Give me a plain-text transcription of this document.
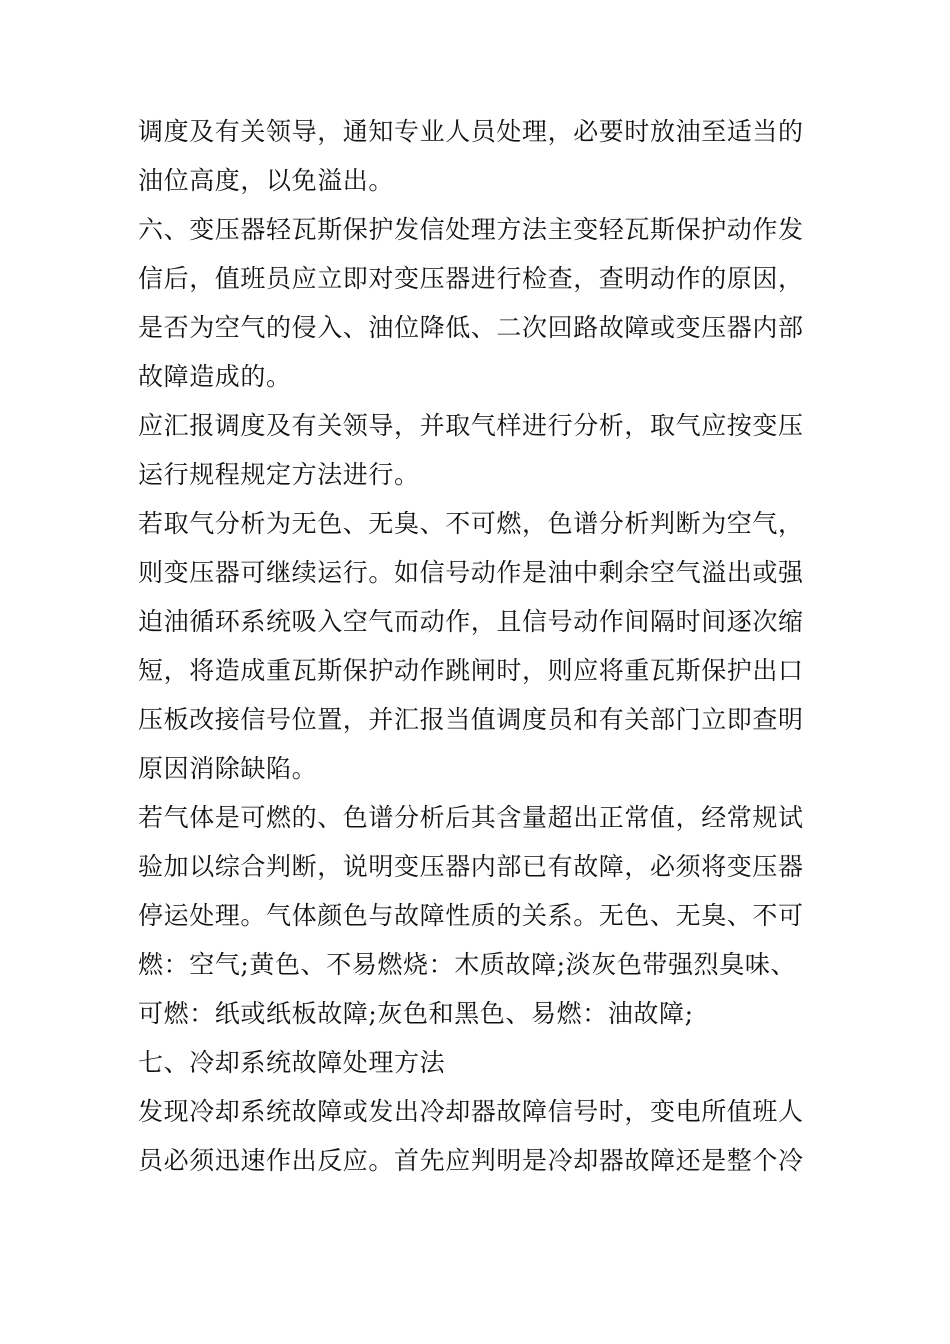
调度及有关领导，通知专业人员处理，必要时放油至适当的
油位高度，以免溢出。
六、变压器轻瓦斯保护发信处理方法主变轻瓦斯保护动作发
信后，值班员应立即对变压器进行检查，查明动作的原因，
是否为空气的侵入、油位降低、二次回路故障或变压器内部
故障造成的。
应汇报调度及有关领导，并取气样进行分析，取气应按变压
运行规程规定方法进行。
若取气分析为无色、无臭、不可燃，色谱分析判断为空气，
则变压器可继续运行。如信号动作是油中剩余空气溢出或强
迫油循环系统吸入空气而动作，且信号动作间隔时间逐次缩
短，将造成重瓦斯保护动作跳闸时，则应将重瓦斯保护出口
压板改接信号位置，并汇报当值调度员和有关部门立即查明
原因消除缺陷。
若气体是可燃的、色谱分析后其含量超出正常值，经常规试
验加以综合判断，说明变压器内部已有故障，必须将变压器
停运处理。气体颜色与故障性质的关系。无色、无臭、不可
燃：空气;黄色、不易燃烧：木质故障;淡灰色带强烈臭味、
可燃：纸或纸板故障;灰色和黑色、易燃：油故障;
七、冷却系统故障处理方法
发现冷却系统故障或发出冷却器故障信号时，变电所值班人
员必须迅速作出反应。首先应判明是冷却器故障还是整个冷
